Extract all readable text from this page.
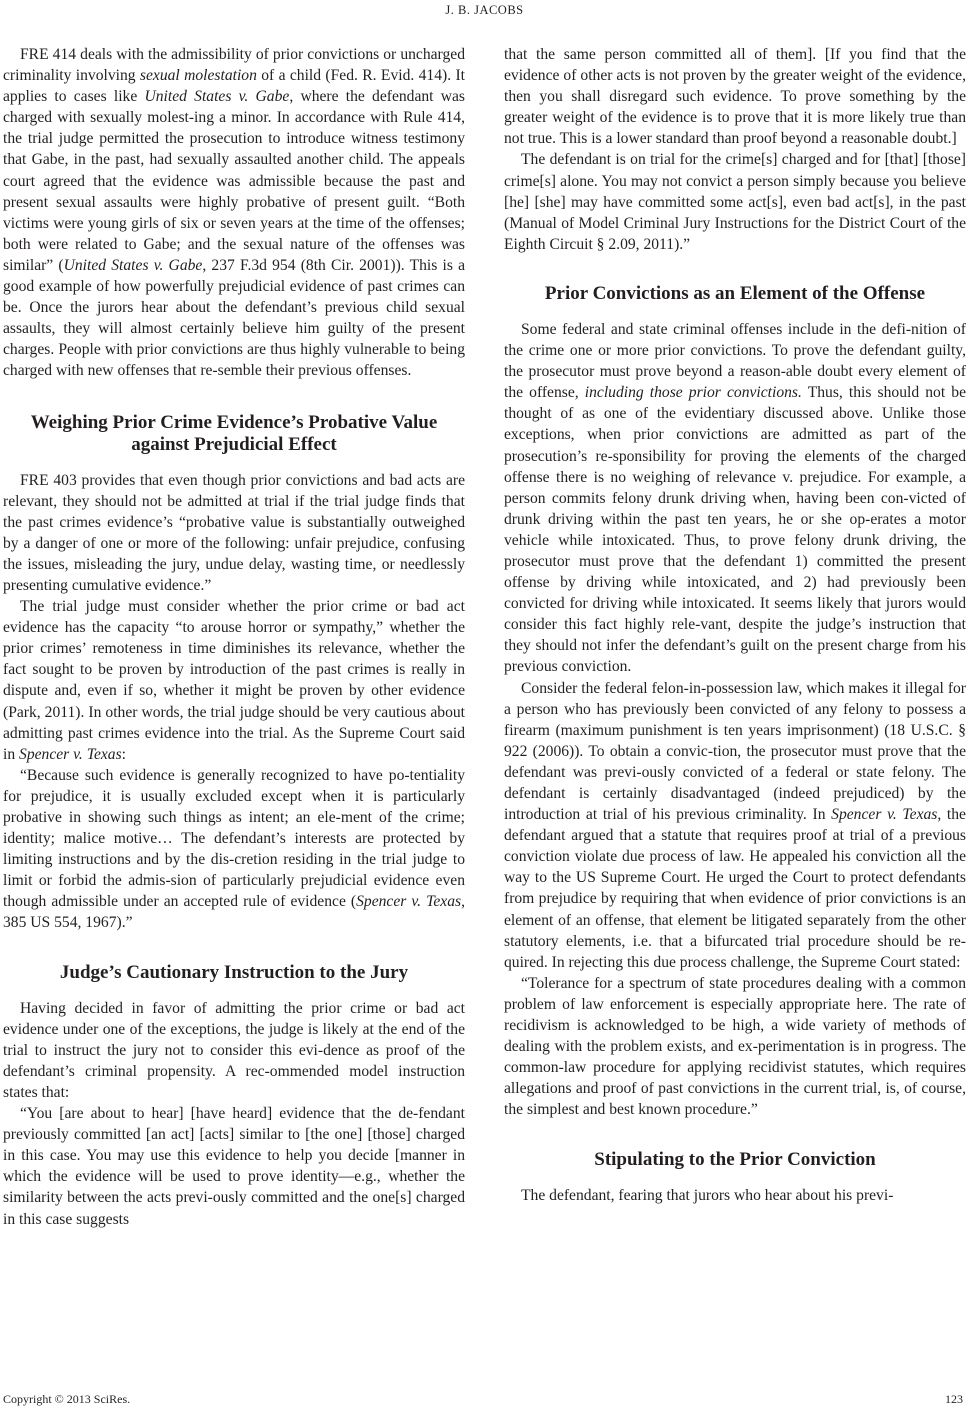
J. B. JACOBS

FRE 414 deals with the admissibility of prior convictions or uncharged criminality involving sexual molestation of a child (Fed. R. Evid. 414). It applies to cases like United States v. Gabe, where the defendant was charged with sexually molest-ing a minor. In accordance with Rule 414, the trial judge permitted the prosecution to introduce witness testimony that Gabe, in the past, had sexually assaulted another child. The appeals court agreed that the evidence was admissible because the past and present sexual assaults were highly probative of present guilt. “Both victims were young girls of six or seven years at the time of the offenses; both were related to Gabe; and the sexual nature of the offenses was similar” (United States v. Gabe, 237 F.3d 954 (8th Cir. 2001)). This is a good example of how powerfully prejudicial evidence of past crimes can be. Once the jurors hear about the defendant’s previous child sexual assaults, they will almost certainly believe him guilty of the present charges. People with prior convictions are thus highly vulnerable to being charged with new offenses that re-semble their previous offenses.

Weighing Prior Crime Evidence’s Probative Value against Prejudicial Effect

FRE 403 provides that even though prior convictions and bad acts are relevant, they should not be admitted at trial if the trial judge finds that the past crimes evidence’s “probative value is substantially outweighed by a danger of one or more of the following: unfair prejudice, confusing the issues, misleading the jury, undue delay, wasting time, or needlessly presenting cumulative evidence.”

The trial judge must consider whether the prior crime or bad act evidence has the capacity “to arouse horror or sympathy,” whether the prior crimes’ remoteness in time diminishes its relevance, whether the fact sought to be proven by introduction of the past crimes is really in dispute and, even if so, whether it might be proven by other evidence (Park, 2011). In other words, the trial judge should be very cautious about admitting past crimes evidence into the trial. As the Supreme Court said in Spencer v. Texas:

“Because such evidence is generally recognized to have po-tentiality for prejudice, it is usually excluded except when it is particularly probative in showing such things as intent; an ele-ment of the crime; identity; malice motive… The defendant’s interests are protected by limiting instructions and by the dis-cretion residing in the trial judge to limit or forbid the admis-sion of particularly prejudicial evidence even though admissible under an accepted rule of evidence (Spencer v. Texas, 385 US 554, 1967).”

Judge’s Cautionary Instruction to the Jury

Having decided in favor of admitting the prior crime or bad act evidence under one of the exceptions, the judge is likely at the end of the trial to instruct the jury not to consider this evi-dence as proof of the defendant’s criminal propensity. A rec-ommended model instruction states that:

“You [are about to hear] [have heard] evidence that the de-fendant previously committed [an act] [acts] similar to [the one] [those] charged in this case. You may use this evidence to help you decide [manner in which the evidence will be used to prove identity—e.g., whether the similarity between the acts previ-ously committed and the one[s] charged in this case suggests

that the same person committed all of them]. [If you find that the evidence of other acts is not proven by the greater weight of the evidence, then you shall disregard such evidence. To prove something by the greater weight of the evidence is to prove that it is more likely true than not true. This is a lower standard than proof beyond a reasonable doubt.]

The defendant is on trial for the crime[s] charged and for [that] [those] crime[s] alone. You may not convict a person simply because you believe [he] [she] may have committed some act[s], even bad act[s], in the past (Manual of Model Criminal Jury Instructions for the District Court of the Eighth Circuit § 2.09, 2011).”

Prior Convictions as an Element of the Offense

Some federal and state criminal offenses include in the defi-nition of the crime one or more prior convictions. To prove the defendant guilty, the prosecutor must prove beyond a reason-able doubt every element of the offense, including those prior convictions. Thus, this should not be thought of as one of the evidentiary discussed above. Unlike those exceptions, when prior convictions are admitted as part of the prosecution’s re-sponsibility for proving the elements of the charged offense there is no weighing of relevance v. prejudice. For example, a person commits felony drunk driving when, having been con-victed of drunk driving within the past ten years, he or she op-erates a motor vehicle while intoxicated. Thus, to prove felony drunk driving, the prosecutor must prove that the defendant 1) committed the present offense by driving while intoxicated, and 2) had previously been convicted for driving while intoxicated. It seems likely that jurors would consider this fact highly rele-vant, despite the judge’s instruction that they should not infer the defendant’s guilt on the present charge from his previous conviction.

Consider the federal felon-in-possession law, which makes it illegal for a person who has previously been convicted of any felony to possess a firearm (maximum punishment is ten years imprisonment) (18 U.S.C. § 922 (2006)). To obtain a convic-tion, the prosecutor must prove that the defendant was previ-ously convicted of a federal or state felony. The defendant is certainly disadvantaged (indeed prejudiced) by the introduction at trial of his previous criminality. In Spencer v. Texas, the defendant argued that a statute that requires proof at trial of a previous conviction violate due process of law. He appealed his conviction all the way to the US Supreme Court. He urged the Court to protect defendants from prejudice by requiring that when evidence of prior convictions is an element of an offense, that element be litigated separately from the other statutory elements, i.e. that a bifurcated trial procedure should be re-quired. In rejecting this due process challenge, the Supreme Court stated:

“Tolerance for a spectrum of state procedures dealing with a common problem of law enforcement is especially appropriate here. The rate of recidivism is acknowledged to be high, a wide variety of methods of dealing with the problem exists, and ex-perimentation is in progress. The common-law procedure for applying recidivist statutes, which requires allegations and proof of past convictions in the current trial, is, of course, the simplest and best known procedure.”

Stipulating to the Prior Conviction

The defendant, fearing that jurors who hear about his previ-

Copyright © 2013 SciRes.	123
